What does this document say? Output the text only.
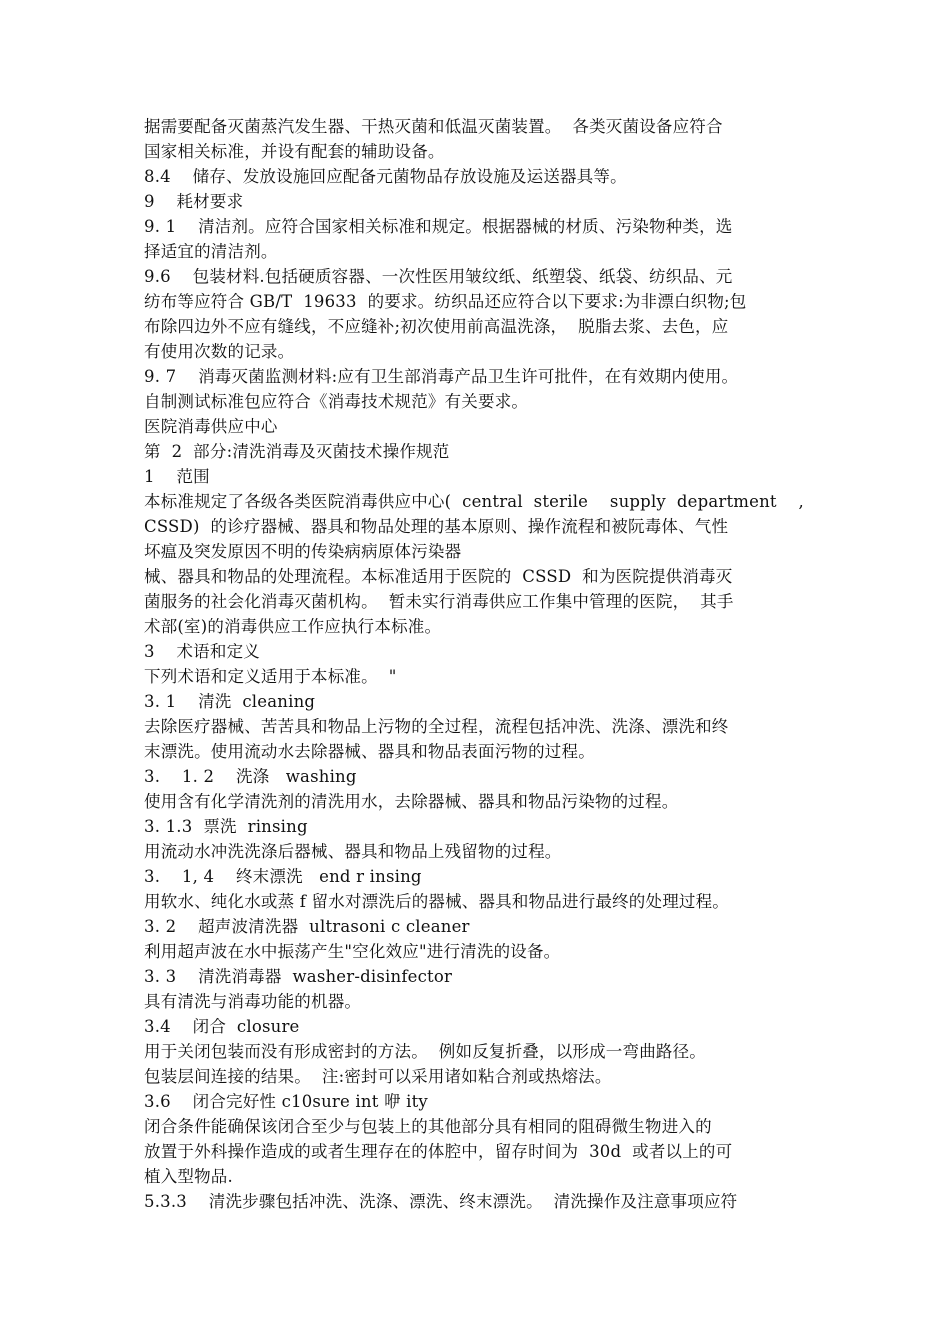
据需要配备灭菌蒸汽发生器、干热灭菌和低温灭菌装置。  各类灭菌设备应符合
国家相关标准，并设有配套的辅助设备。
8.4    储存、发放设施回应配备元菌物品存放设施及运送器具等。
9    耗材要求
9. 1    清洁剂。应符合国家相关标准和规定。根据器械的材质、污染物种类，选
择适宜的清洁剂。
9.6    包装材料.包括硬质容器、一次性医用皱纹纸、纸塑袋、纸袋、纺织品、元
纺布等应符合 GB/T  19633  的要求。纺织品还应符合以下要求:为非漂白织物;包
布除四边外不应有缝线，不应缝补;初次使用前高温洗涤，  脱脂去浆、去色，应
有使用次数的记录。
9. 7    消毒灭菌监测材料:应有卫生部消毒产品卫生许可批件，在有效期内使用。
自制测试标准包应符合《消毒技术规范》有关要求。
医院消毒供应中心
第  2  部分:清洗消毒及灭菌技术操作规范
1    范围
本标准规定了各级各类医院消毒供应中心(  central  sterile    supply  department    ,
CSSD)  的诊疗器械、器具和物品处理的基本原则、操作流程和被阮毒体、气性
坏瘟及突发原因不明的传染病病原体污染器
械、器具和物品的处理流程。本标准适用于医院的  CSSD  和为医院提供消毒灭
菌服务的社会化消毒灭菌机构。  暂未实行消毒供应工作集中管理的医院，  其手
术部(室)的消毒供应工作应执行本标准。
3    术语和定义
下列术语和定义适用于本标准。  "
3. 1    清洗  cleaning
去除医疗器械、苦苦具和物品上污物的全过程，流程包括冲洗、洗涤、漂洗和终
末漂洗。使用流动水去除器械、器具和物品表面污物的过程。
3.    1. 2    洗涤   washing
使用含有化学清洗剂的清洗用水，去除器械、器具和物品污染物的过程。
3. 1.3  票洗  rinsing
用流动水冲洗洗涤后器械、器具和物品上残留物的过程。
3.    1, 4    终末漂洗   end r insing
用软水、纯化水或蒸 f 留水对漂洗后的器械、器具和物品进行最终的处理过程。
3. 2    超声波清洗器  ultrasoni c cleaner
利用超声波在水中振荡产生"空化效应"进行清洗的设备。
3. 3    清洗消毒器  washer-disinfector
具有清洗与消毒功能的机器。
3.4    闭合  closure
用于关闭包装而没有形成密封的方法。  例如反复折叠，以形成一弯曲路径。
包装层间连接的结果。  注:密封可以采用诸如粘合剂或热熔法。
3.6    闭合完好性 c10sure int 咿 ity
闭合条件能确保该闭合至少与包装上的其他部分具有相同的阻碍微生物进入的
放置于外科操作造成的或者生理存在的体腔中，留存时间为  30d  或者以上的可
植入型物品.
5.3.3    清洗步骤包括冲洗、洗涤、漂洗、终末漂洗。  清洗操作及注意事项应符
